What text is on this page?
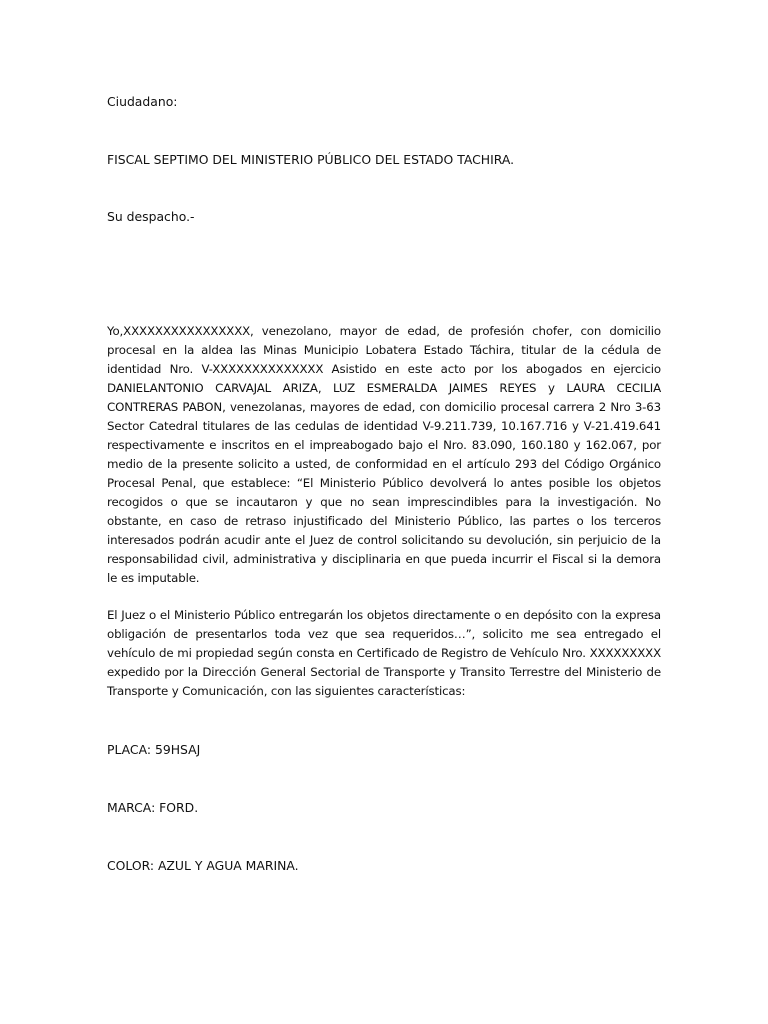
Ciudadano:

FISCAL SEPTIMO DEL MINISTERIO PÚBLICO DEL ESTADO TACHIRA.

Su despacho.-

Yo,XXXXXXXXXXXXXXXX, venezolano, mayor de edad, de profesión chofer, con domicilio procesal en la aldea las Minas Municipio Lobatera Estado Táchira, titular de la cédula de identidad Nro. V-XXXXXXXXXXXXXX Asistido en este acto por los abogados en ejercicio DANIELANTONIO CARVAJAL ARIZA, LUZ ESMERALDA JAIMES REYES y LAURA CECILIA CONTRERAS PABON, venezolanas, mayores de edad, con domicilio procesal carrera 2 Nro 3-63 Sector Catedral titulares de las cedulas de identidad V-9.211.739, 10.167.716 y V-21.419.641 respectivamente e inscritos en el impreabogado bajo el Nro. 83.090, 160.180 y 162.067, por medio de la presente solicito a usted, de conformidad en el artículo 293 del Código Orgánico Procesal Penal, que establece: “El Ministerio Público devolverá lo antes posible los objetos recogidos o que se incautaron y que no sean imprescindibles para la investigación. No obstante, en caso de retraso injustificado del Ministerio Público, las partes o los terceros interesados podrán acudir ante el Juez de control solicitando su devolución, sin perjuicio de la responsabilidad civil, administrativa y disciplinaria en que pueda incurrir el Fiscal si la demora le es imputable.

El Juez o el Ministerio Público entregarán los objetos directamente o en depósito con la expresa obligación de presentarlos toda vez que sea requeridos…”, solicito me sea entregado el vehículo de mi propiedad según consta en Certificado de Registro de Vehículo Nro. XXXXXXXXX expedido por la Dirección General Sectorial de Transporte y Transito Terrestre del Ministerio de Transporte y Comunicación, con las siguientes características:

PLACA: 59HSAJ

MARCA: FORD.

COLOR: AZUL Y AGUA MARINA.
